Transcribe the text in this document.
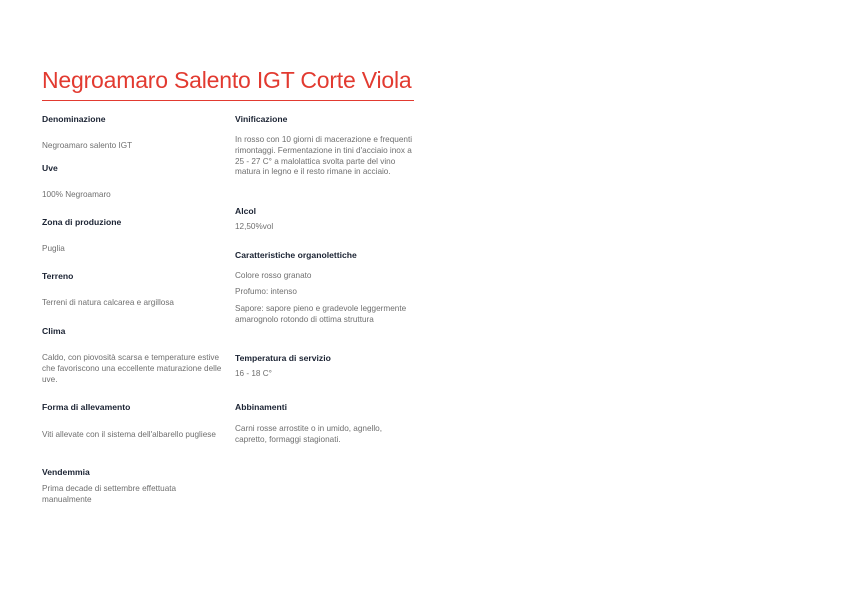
Negroamaro Salento IGT Corte Viola
Denominazione
Negroamaro salento IGT
Uve
100% Negroamaro
Zona di produzione
Puglia
Terreno
Terreni di natura calcarea e argillosa
Clima
Caldo, con piovosità scarsa e temperature estive che favoriscono una eccellente maturazione delle uve.
Forma di allevamento
Viti allevate con il sistema dell'albarello pugliese
Vendemmia
Prima decade di settembre effettuata manualmente
Vinificazione
In rosso con 10 giorni di macerazione e frequenti rimontaggi. Fermentazione in tini d'acciaio inox a 25 - 27 C° a malolattica svolta parte del vino matura in legno e il resto rimane in acciaio.
Alcol
12,50%vol
Caratteristiche organolettiche
Colore rosso granato
Profumo: intenso
Sapore: sapore pieno e gradevole leggermente amarognolo rotondo di ottima struttura
Temperatura di servizio
16 - 18 C°
Abbinamenti
Carni rosse arrostite o in umido, agnello, capretto, formaggi stagionati.
